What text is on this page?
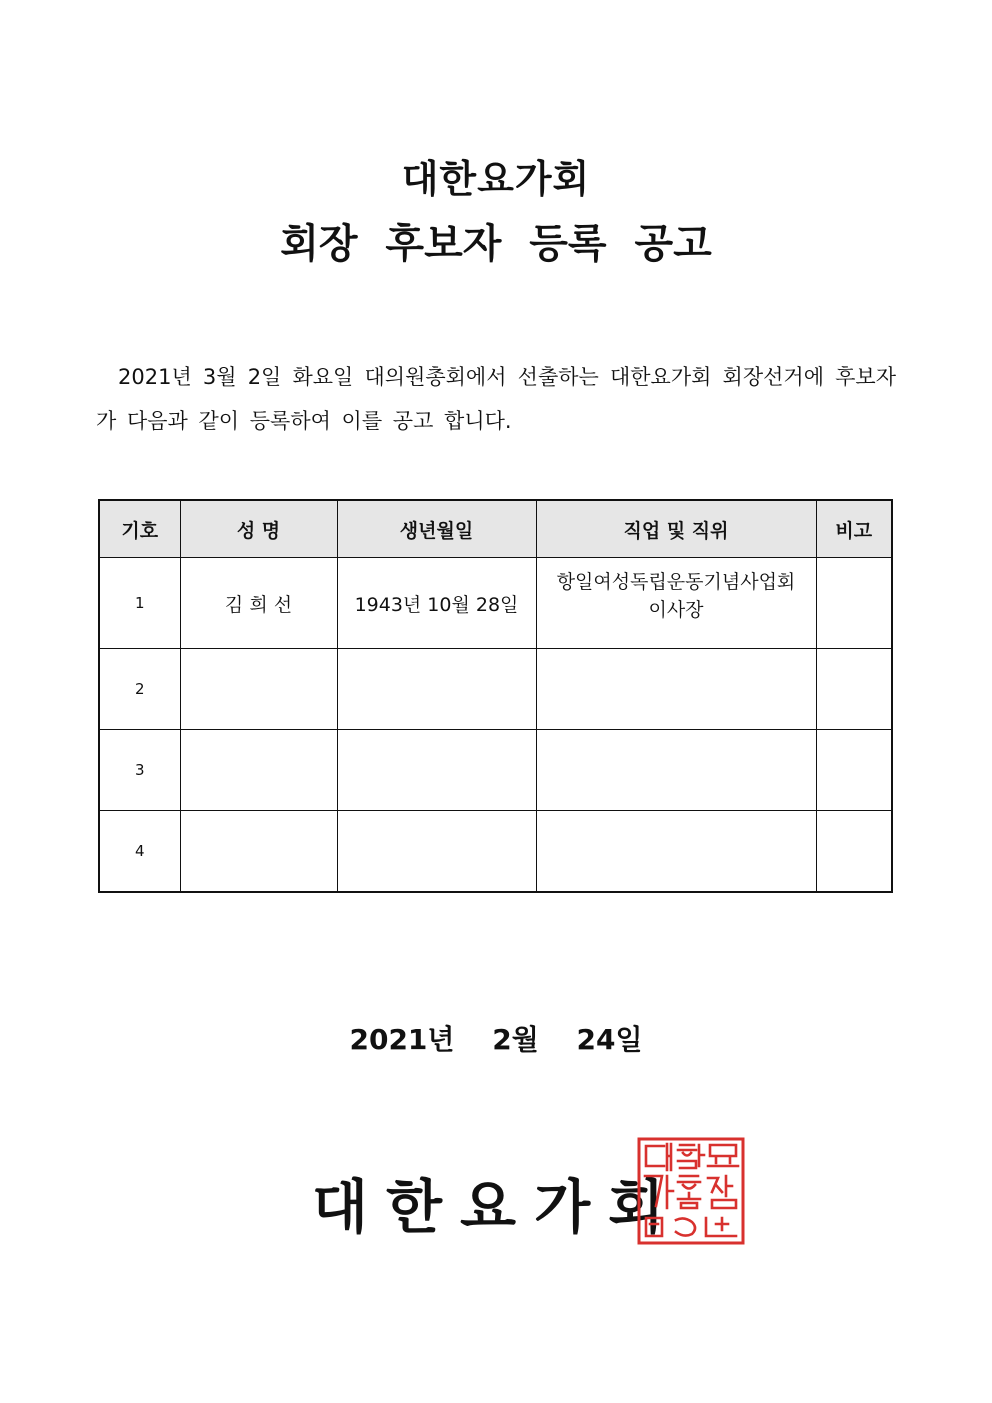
대한요가회
회장 후보자 등록 공고

2021년 3월 2일 화요일 대의원총회에서 선출하는 대한요가회 회장선거에 후보자가 다음과 같이 등록하여 이를 공고 합니다.

기호	성 명	생년월일	직업 및 직위	비고
1	김 희 선	1943년 10월 28일	항일여성독립운동기념사업회
이사장	

2				
3				
4				
2021년 2월 24일
대한요가회
